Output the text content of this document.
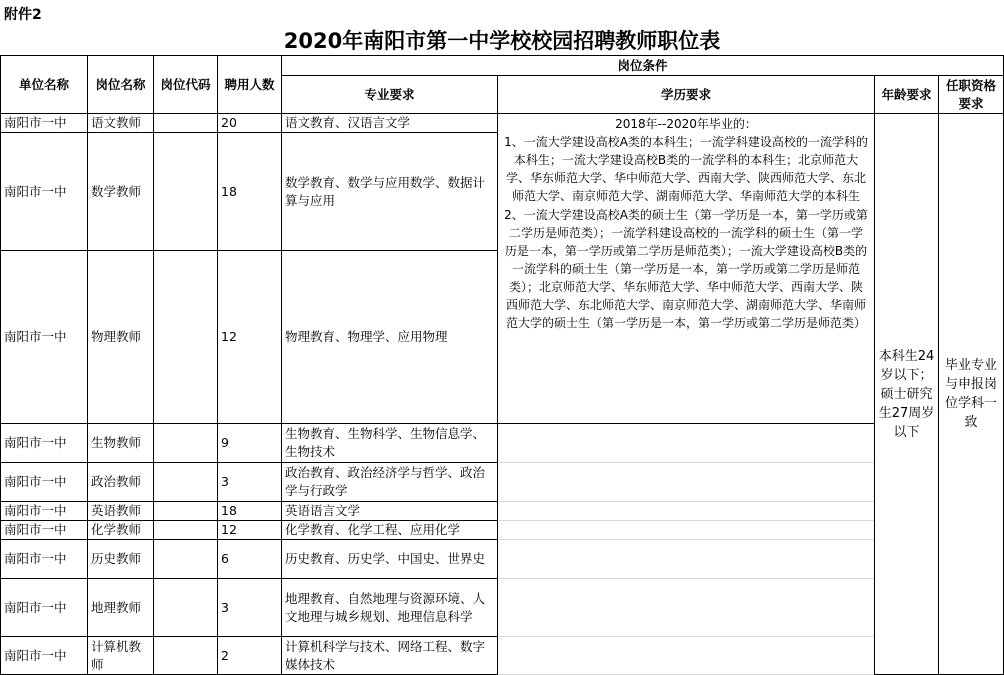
附件2
2020年南阳市第一中学校校园招聘教师职位表
单位名称	岗位名称	岗位代码	聘用人数	岗位条件			
				专业要求	学历要求	年龄要求	任职资格要求
南阳市一中	语文教师		20	语文教育、汉语言文学	2018年--2020年毕业的：
1、一流大学建设高校A类的本科生；一流学科建设高校的一流学科的本科生；一流大学建设高校B类的一流学科的本科生；北京师范大学、华东师范大学、华中师范大学、西南大学、陕西师范大学、东北师范大学、南京师范大学、湖南师范大学、华南师范大学的本科生
2、一流大学建设高校A类的硕士生（第一学历是一本，第一学历或第二学历是师范类）；一流学科建设高校的一流学科的硕士生（第一学历是一本，第一学历或第二学历是师范类）；一流大学建设高校B类的一流学科的硕士生（第一学历是一本，第一学历或第二学历是师范类）；北京师范大学、华东师范大学、华中师范大学、西南大学、陕西师范大学、东北师范大学、南京师范大学、湖南师范大学、华南师范大学的硕士生（第一学历是一本，第一学历或第二学历是师范类）	本科生24岁以下；硕士研究生27周岁以下	毕业专业与申报岗位学科一致
南阳市一中	数学教师		18	数学教育、数学与应用数学、数据计算与应用			
南阳市一中	物理教师		12	物理教育、物理学、应用物理			
南阳市一中	生物教师		9	生物教育、生物科学、生物信息学、生物技术			
南阳市一中	政治教师		3	政治教育、政治经济学与哲学、政治学与行政学			
南阳市一中	英语教师		18	英语语言文学			
南阳市一中	化学教师		12	化学教育、化学工程、应用化学			
南阳市一中	历史教师		6	历史教育、历史学、中国史、世界史			
南阳市一中	地理教师		3	地理教育、自然地理与资源环境、人文地理与城乡规划、地理信息科学			
南阳市一中	计算机教师		2	计算机科学与技术、网络工程、数字媒体技术			
